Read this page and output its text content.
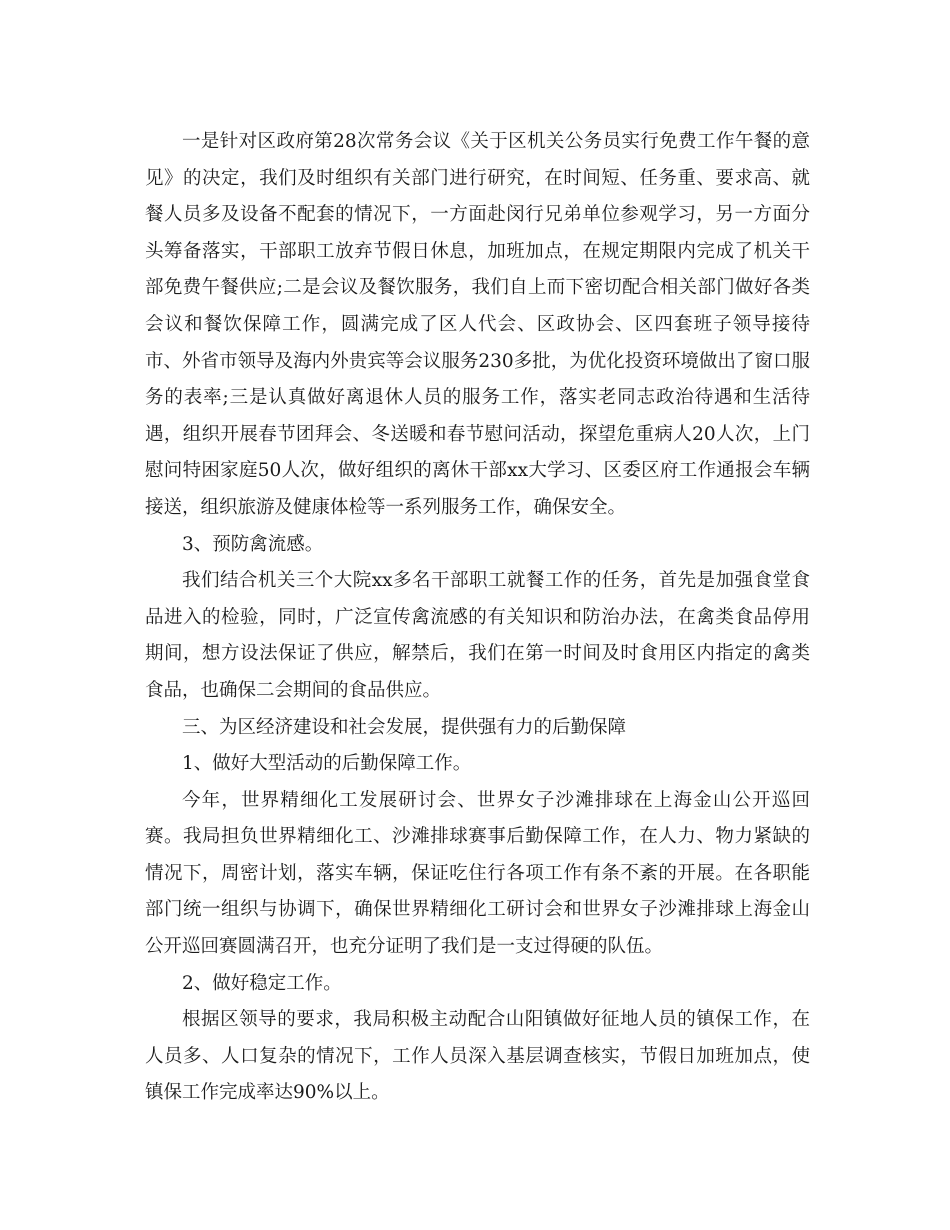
一是针对区政府第28次常务会议《关于区机关公务员实行免费工作午餐的意见》的决定，我们及时组织有关部门进行研究，在时间短、任务重、要求高、就餐人员多及设备不配套的情况下，一方面赴闵行兄弟单位参观学习，另一方面分头筹备落实，干部职工放弃节假日休息，加班加点，在规定期限内完成了机关干部免费午餐供应;二是会议及餐饮服务，我们自上而下密切配合相关部门做好各类会议和餐饮保障工作，圆满完成了区人代会、区政协会、区四套班子领导接待市、外省市领导及海内外贵宾等会议服务230多批，为优化投资环境做出了窗口服务的表率;三是认真做好离退休人员的服务工作，落实老同志政治待遇和生活待遇，组织开展春节团拜会、冬送暖和春节慰问活动，探望危重病人20人次，上门慰问特困家庭50人次，做好组织的离休干部xx大学习、区委区府工作通报会车辆接送，组织旅游及健康体检等一系列服务工作，确保安全。

3、预防禽流感。

我们结合机关三个大院xx多名干部职工就餐工作的任务，首先是加强食堂食品进入的检验，同时，广泛宣传禽流感的有关知识和防治办法，在禽类食品停用期间，想方设法保证了供应，解禁后，我们在第一时间及时食用区内指定的禽类食品，也确保二会期间的食品供应。

三、为区经济建设和社会发展，提供强有力的后勤保障

1、做好大型活动的后勤保障工作。

今年，世界精细化工发展研讨会、世界女子沙滩排球在上海金山公开巡回赛。我局担负世界精细化工、沙滩排球赛事后勤保障工作，在人力、物力紧缺的情况下，周密计划，落实车辆，保证吃住行各项工作有条不紊的开展。在各职能部门统一组织与协调下，确保世界精细化工研讨会和世界女子沙滩排球上海金山公开巡回赛圆满召开，也充分证明了我们是一支过得硬的队伍。

2、做好稳定工作。

根据区领导的要求，我局积极主动配合山阳镇做好征地人员的镇保工作，在人员多、人口复杂的情况下，工作人员深入基层调查核实，节假日加班加点，使镇保工作完成率达90%以上。
